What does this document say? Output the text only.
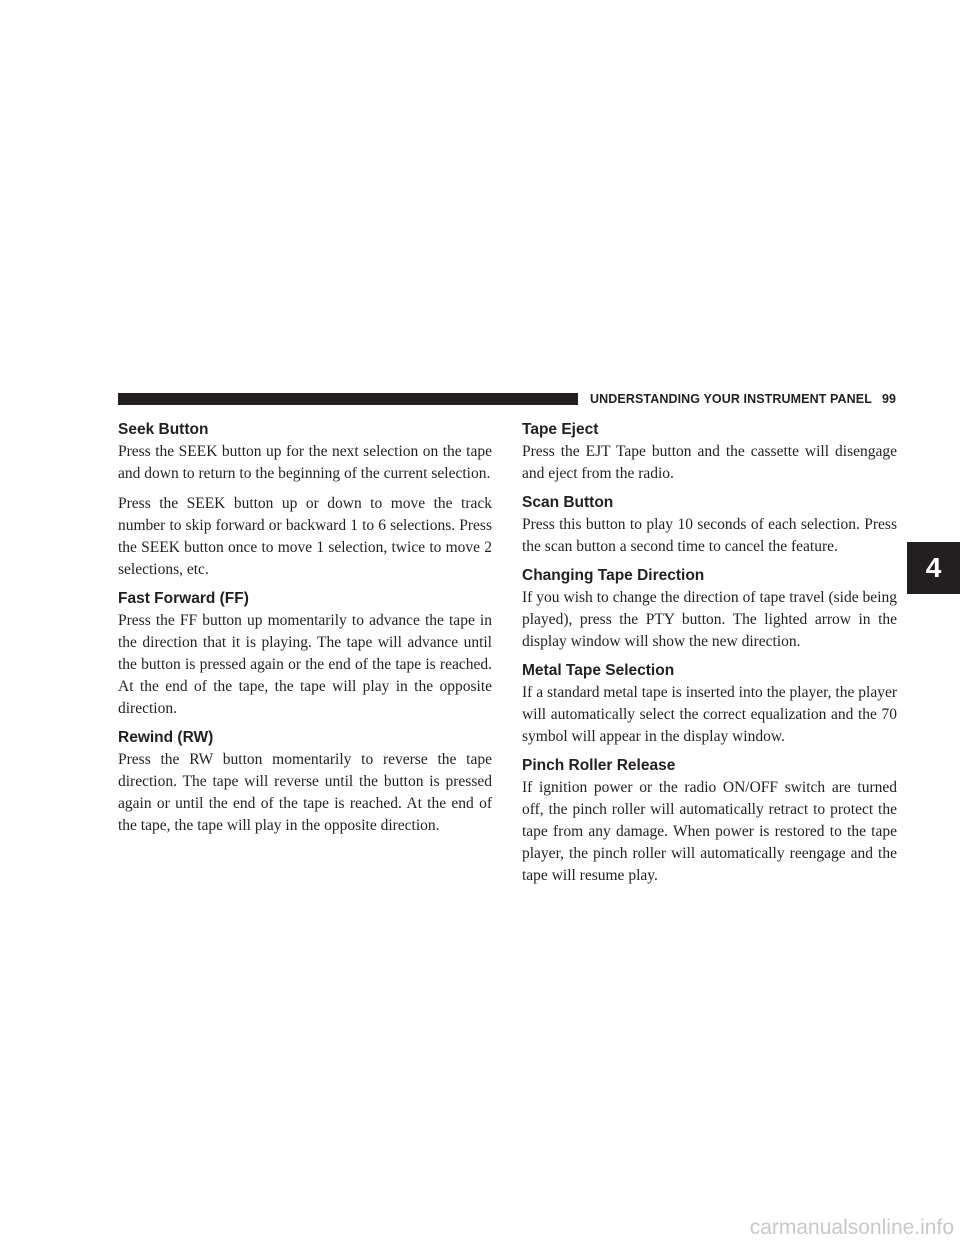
UNDERSTANDING YOUR INSTRUMENT PANEL 99
Seek Button

Press the SEEK button up for the next selection on the tape and down to return to the beginning of the current selection.

Press the SEEK button up or down to move the track number to skip forward or backward 1 to 6 selections. Press the SEEK button once to move 1 selection, twice to move 2 selections, etc.

Fast Forward (FF)

Press the FF button up momentarily to advance the tape in the direction that it is playing. The tape will advance until the button is pressed again or the end of the tape is reached. At the end of the tape, the tape will play in the opposite direction.

Rewind (RW)

Press the RW button momentarily to reverse the tape direction. The tape will reverse until the button is pressed again or until the end of the tape is reached. At the end of the tape, the tape will play in the opposite direction.

Tape Eject

Press the EJT Tape button and the cassette will disengage and eject from the radio.

Scan Button

Press this button to play 10 seconds of each selection. Press the scan button a second time to cancel the feature.

Changing Tape Direction

If you wish to change the direction of tape travel (side being played), press the PTY button. The lighted arrow in the display window will show the new direction.

Metal Tape Selection

If a standard metal tape is inserted into the player, the player will automatically select the correct equalization and the 70 symbol will appear in the display window.

Pinch Roller Release

If ignition power or the radio ON/OFF switch are turned off, the pinch roller will automatically retract to protect the tape from any damage. When power is restored to the tape player, the pinch roller will automatically reengage and the tape will resume play.

4
carmanualsonline.info
